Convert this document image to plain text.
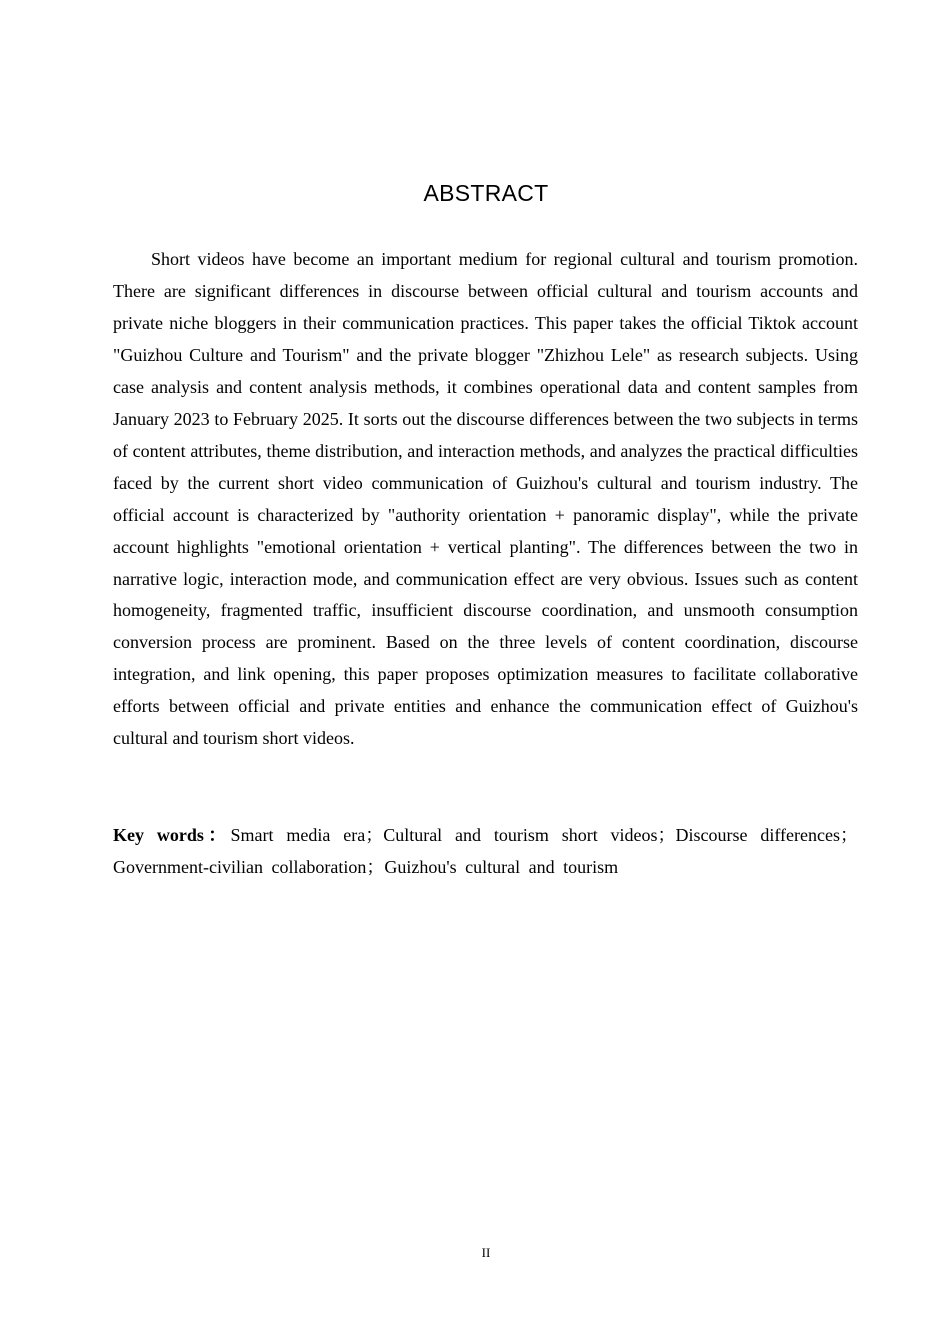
ABSTRACT

Short videos have become an important medium for regional cultural and tourism promotion. There are significant differences in discourse between official cultural and tourism accounts and private niche bloggers in their communication practices. This paper takes the official Tiktok account "Guizhou Culture and Tourism" and the private blogger "Zhizhou Lele" as research subjects. Using case analysis and content analysis methods, it combines operational data and content samples from January 2023 to February 2025. It sorts out the discourse differences between the two subjects in terms of content attributes, theme distribution, and interaction methods, and analyzes the practical difficulties faced by the current short video communication of Guizhou's cultural and tourism industry. The official account is characterized by "authority orientation + panoramic display", while the private account highlights "emotional orientation + vertical planting". The differences between the two in narrative logic, interaction mode, and communication effect are very obvious. Issues such as content homogeneity, fragmented traffic, insufficient discourse coordination, and unsmooth consumption conversion process are prominent. Based on the three levels of content coordination, discourse integration, and link opening, this paper proposes optimization measures to facilitate collaborative efforts between official and private entities and enhance the communication effect of Guizhou's cultural and tourism short videos.

Key words：Smart media era；Cultural and tourism short videos；Discourse differences；Government-civilian collaboration；Guizhou's cultural and tourism

II
